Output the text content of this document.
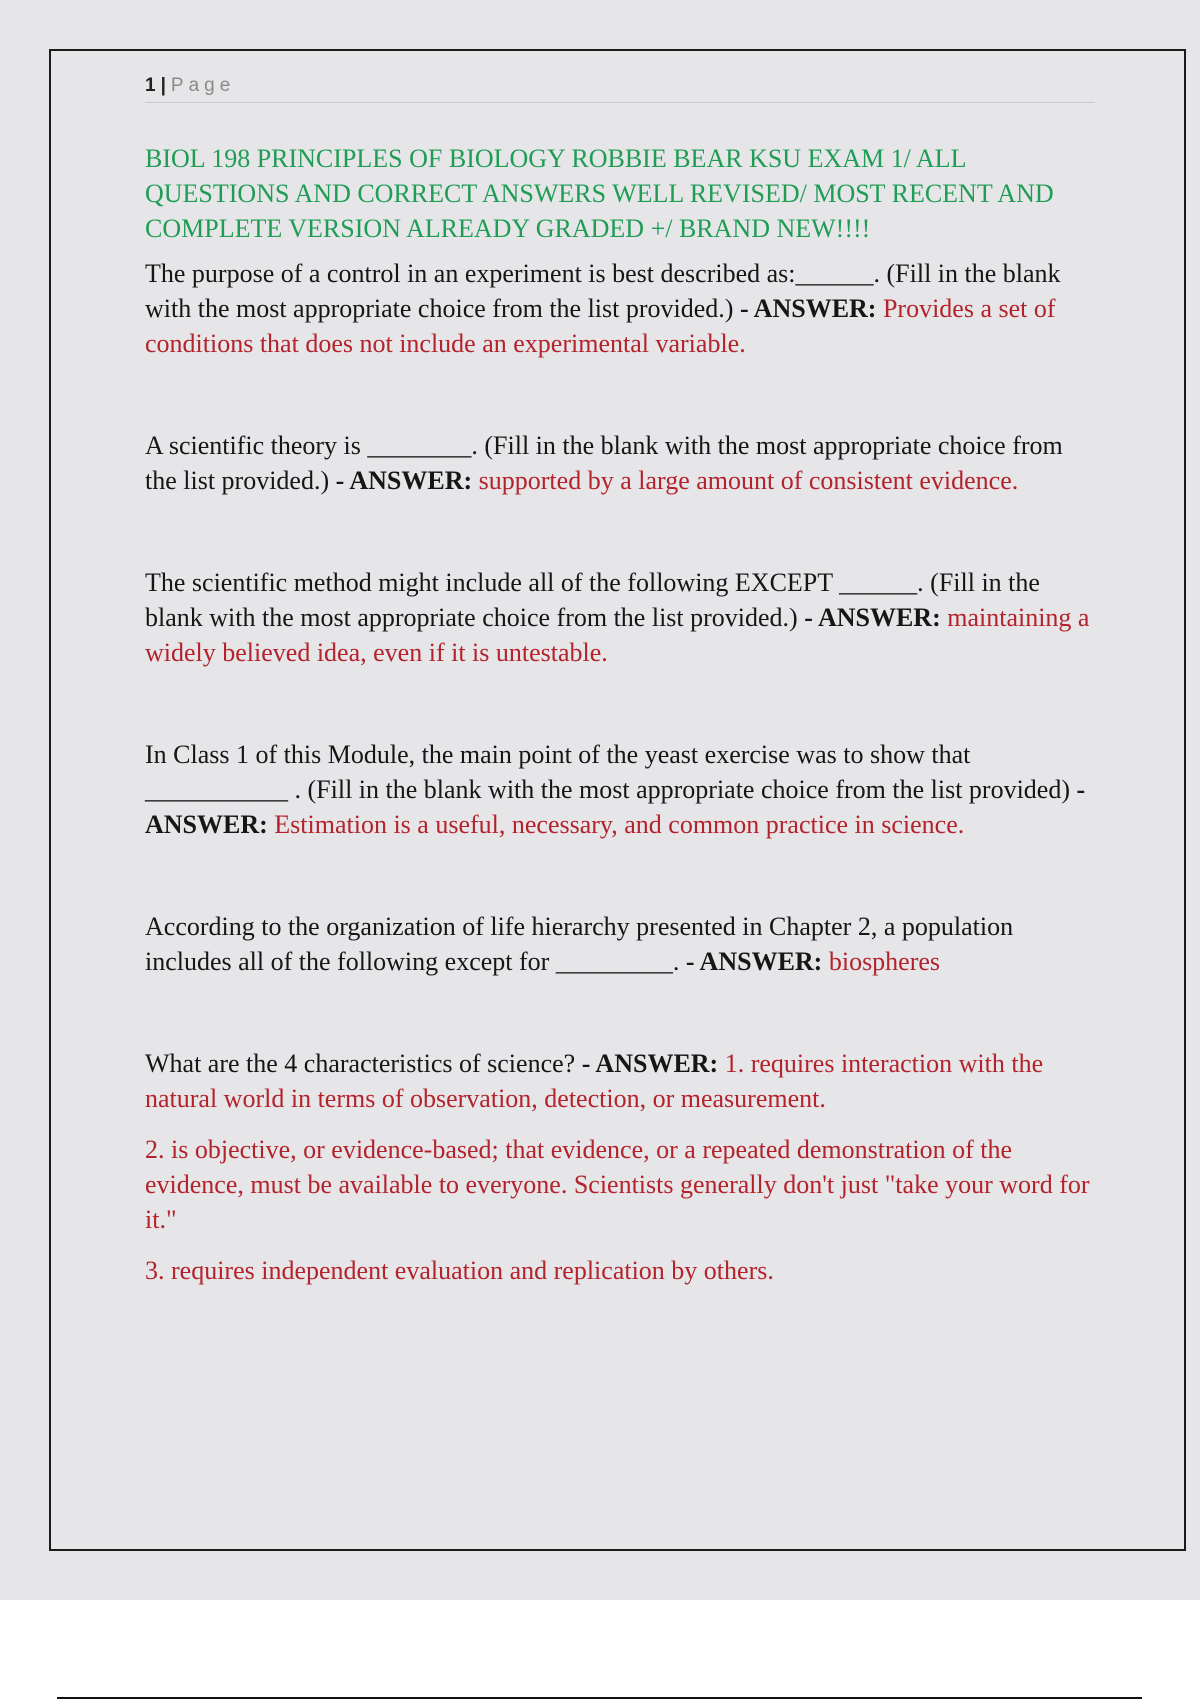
1 | Page

BIOL 198 PRINCIPLES OF BIOLOGY ROBBIE BEAR KSU EXAM 1/ ALL QUESTIONS AND CORRECT ANSWERS WELL REVISED/ MOST RECENT AND COMPLETE VERSION ALREADY GRADED +/ BRAND NEW!!!!

The purpose of a control in an experiment is best described as:______. (Fill in the blank with the most appropriate choice from the list provided.) - ANSWER: Provides a set of conditions that does not include an experimental variable.

A scientific theory is ________. (Fill in the blank with the most appropriate choice from the list provided.) - ANSWER: supported by a large amount of consistent evidence.

The scientific method might include all of the following EXCEPT ______. (Fill in the blank with the most appropriate choice from the list provided.) - ANSWER: maintaining a widely believed idea, even if it is untestable.

In Class 1 of this Module, the main point of the yeast exercise was to show that ___________ . (Fill in the blank with the most appropriate choice from the list provided) - ANSWER: Estimation is a useful, necessary, and common practice in science.

According to the organization of life hierarchy presented in Chapter 2, a population includes all of the following except for _________. - ANSWER: biospheres

What are the 4 characteristics of science? - ANSWER: 1. requires interaction with the natural world in terms of observation, detection, or measurement.

2. is objective, or evidence-based; that evidence, or a repeated demonstration of the evidence, must be available to everyone. Scientists generally don't just "take your word for it."

3. requires independent evaluation and replication by others.
